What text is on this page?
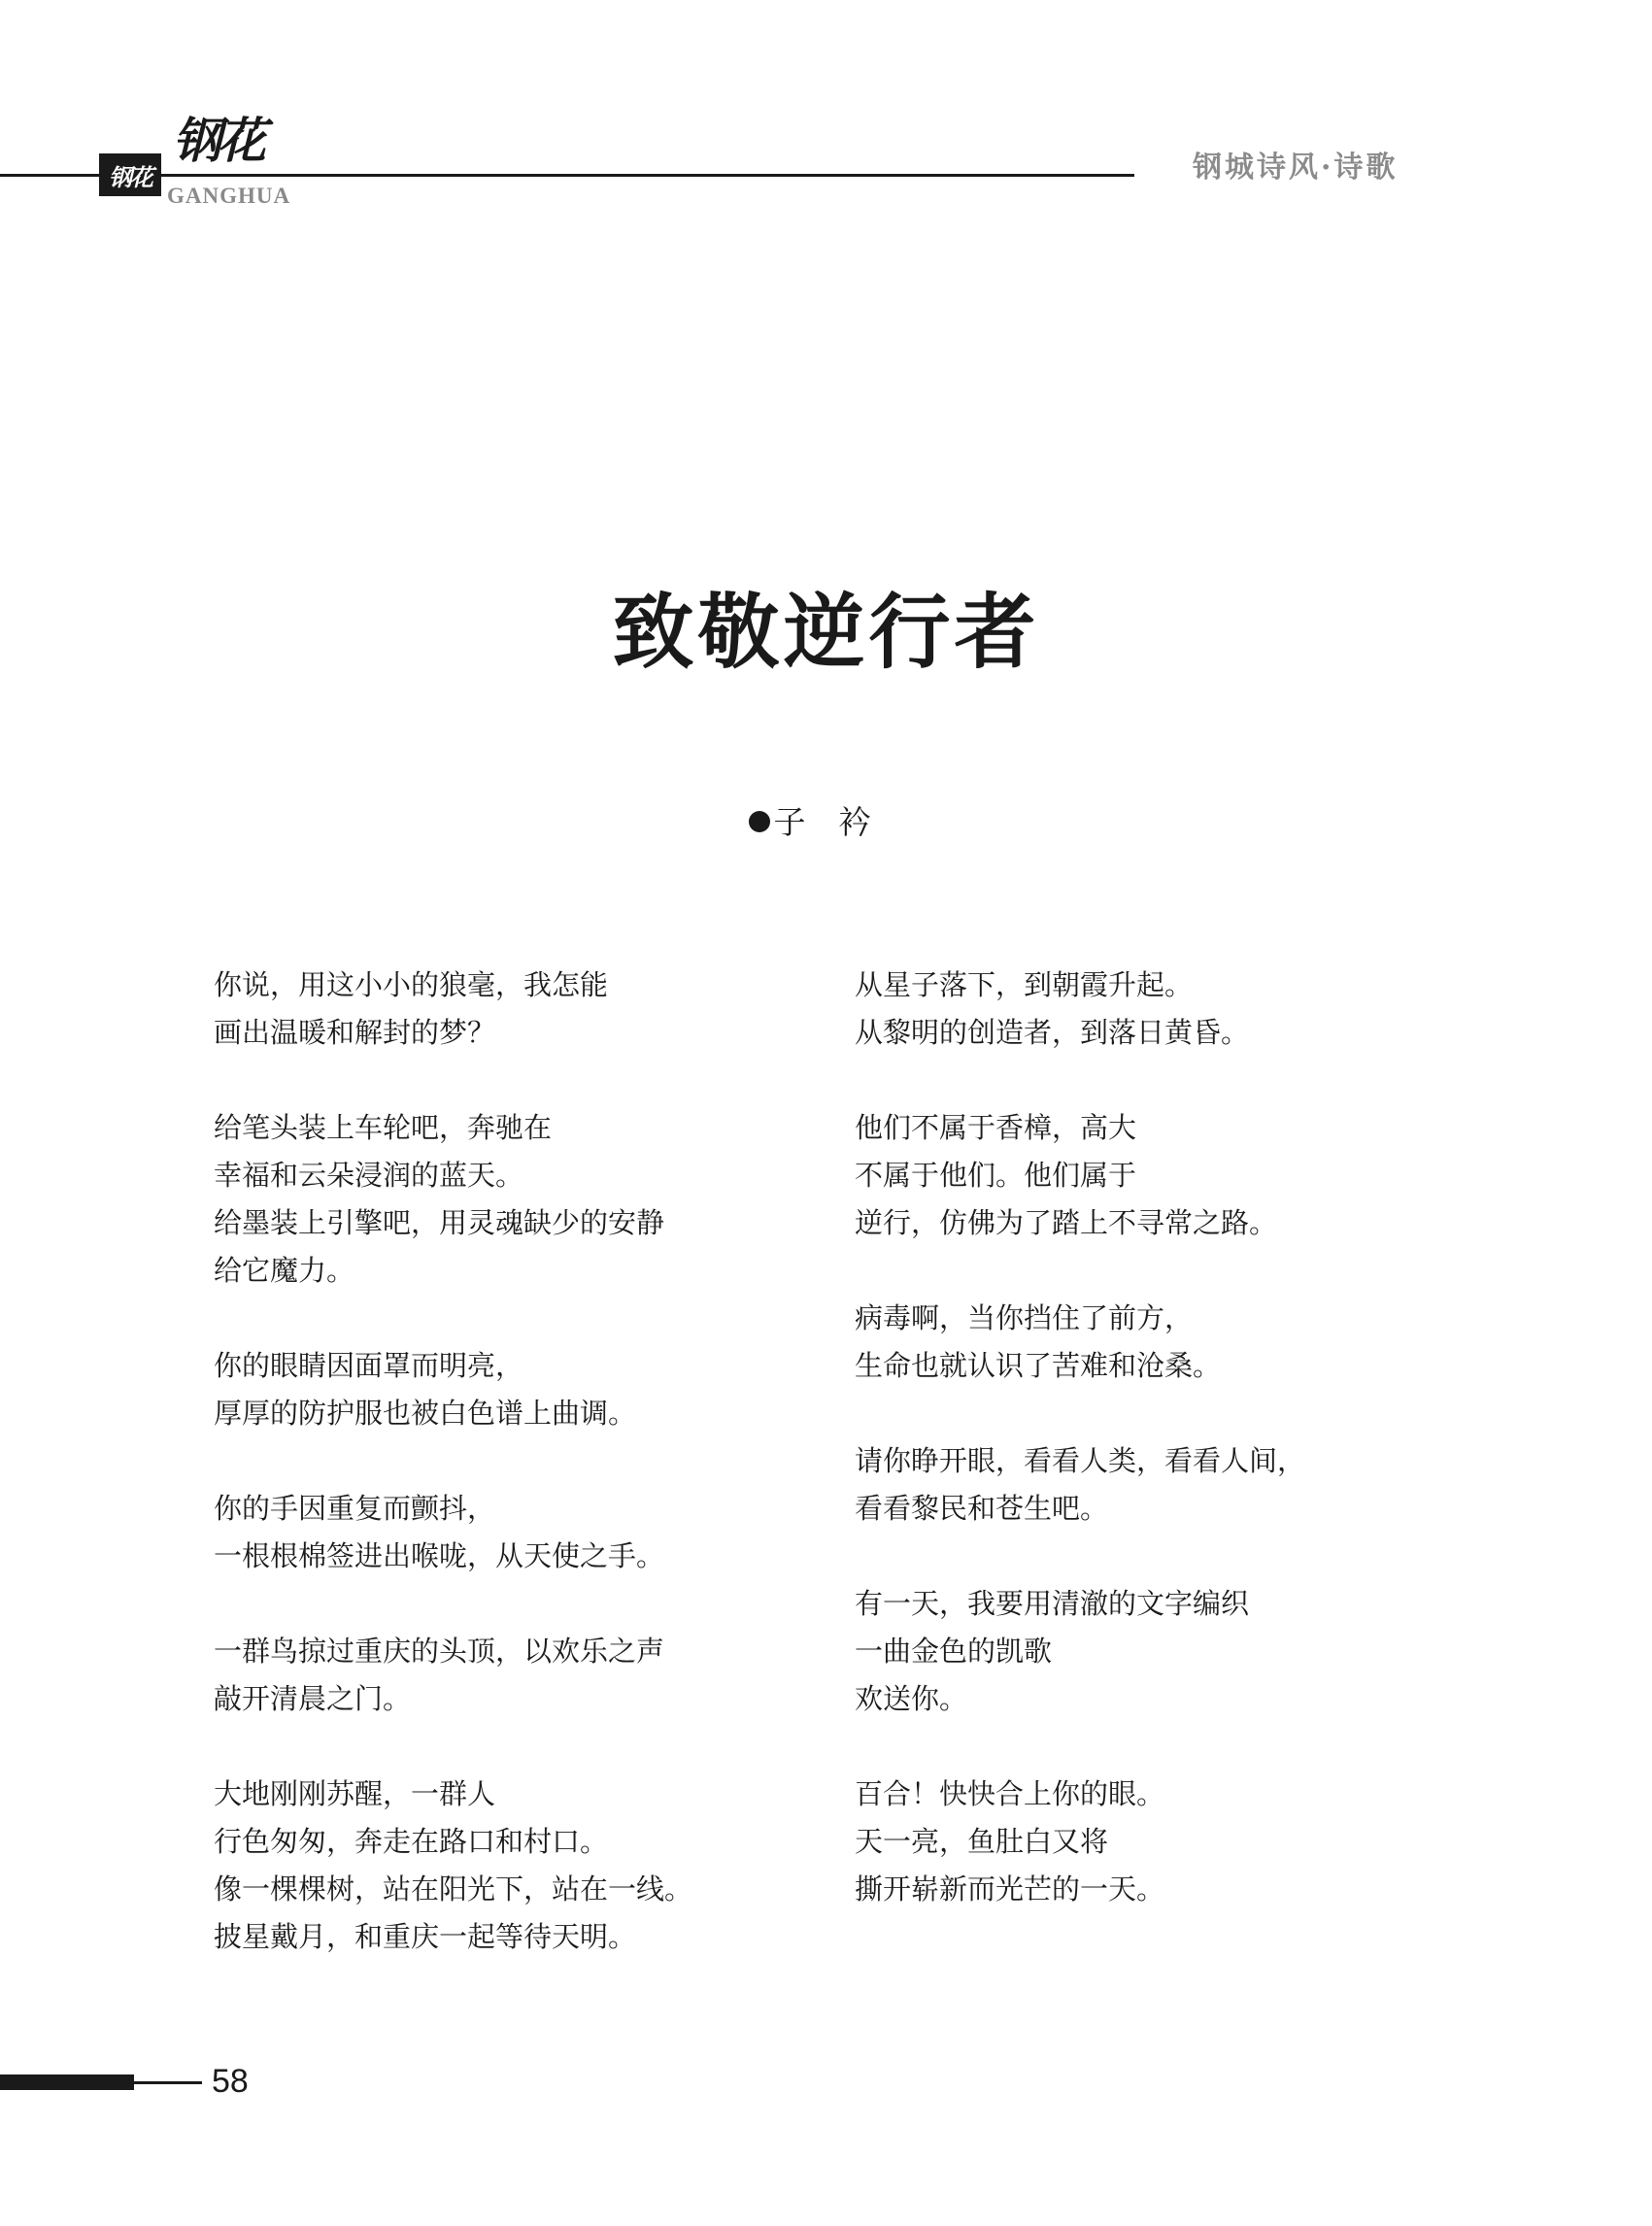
钢花
钢花
GANGHUA
钢城诗风·诗歌
致敬逆行者
子衿
你说，用这小小的狼毫，我怎能
画出温暖和解封的梦？
给笔头装上车轮吧，奔驰在
幸福和云朵浸润的蓝天。
给墨装上引擎吧，用灵魂缺少的安静
给它魔力。
你的眼睛因面罩而明亮，
厚厚的防护服也被白色谱上曲调。
你的手因重复而颤抖，
一根根棉签进出喉咙，从天使之手。
一群鸟掠过重庆的头顶，以欢乐之声
敲开清晨之门。
大地刚刚苏醒，一群人
行色匆匆，奔走在路口和村口。
像一棵棵树，站在阳光下，站在一线。
披星戴月，和重庆一起等待天明。
从星子落下，到朝霞升起。
从黎明的创造者，到落日黄昏。
他们不属于香樟，高大
不属于他们。他们属于
逆行，仿佛为了踏上不寻常之路。
病毒啊，当你挡住了前方，
生命也就认识了苦难和沧桑。
请你睁开眼，看看人类，看看人间，
看看黎民和苍生吧。
有一天，我要用清澈的文字编织
一曲金色的凯歌
欢送你。
百合！快快合上你的眼。
天一亮，鱼肚白又将
撕开崭新而光芒的一天。
58
